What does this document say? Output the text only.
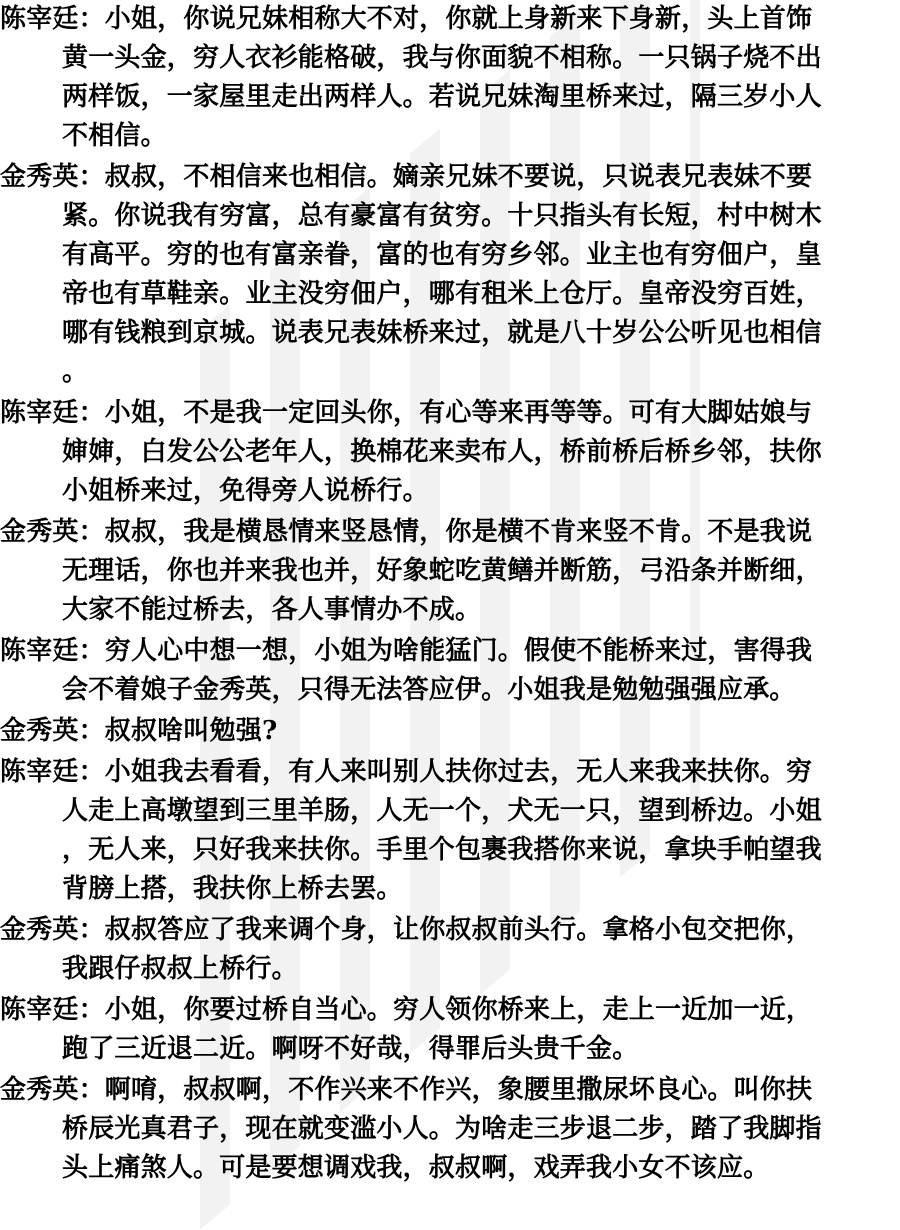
陈宰廷：小姐，你说兄妹相称大不对，你就上身新来下身新，头上首饰
黄一头金，穷人衣衫能格破，我与你面貌不相称。一只锅子烧不出
两样饭，一家屋里走出两样人。若说兄妹淘里桥来过，隔三岁小人
不相信。
金秀英：叔叔，不相信来也相信。嫡亲兄妹不要说，只说表兄表妹不要
紧。你说我有穷富，总有豪富有贫穷。十只指头有长短，村中树木
有高平。穷的也有富亲眷，富的也有穷乡邻。业主也有穷佃户，皇
帝也有草鞋亲。业主没穷佃户，哪有租米上仓厅。皇帝没穷百姓，
哪有钱粮到京城。说表兄表妹桥来过，就是八十岁公公听见也相信
。
陈宰廷：小姐，不是我一定回头你，有心等来再等等。可有大脚姑娘与
婶婶，白发公公老年人，换棉花来卖布人，桥前桥后桥乡邻，扶你
小姐桥来过，免得旁人说桥行。
金秀英：叔叔，我是横恳情来竖恳情，你是横不肯来竖不肯。不是我说
无理话，你也并来我也并，好象蛇吃黄鳝并断筋，弓沿条并断细，
大家不能过桥去，各人事情办不成。
陈宰廷：穷人心中想一想，小姐为啥能猛门。假使不能桥来过，害得我
会不着娘子金秀英，只得无法答应伊。小姐我是勉勉强强应承。
金秀英：叔叔啥叫勉强?
陈宰廷：小姐我去看看，有人来叫别人扶你过去，无人来我来扶你。穷
人走上高墩望到三里羊肠，人无一个，犬无一只，望到桥边。小姐
，无人来，只好我来扶你。手里个包裹我搭你来说，拿块手帕望我
背膀上搭，我扶你上桥去罢。
金秀英：叔叔答应了我来调个身，让你叔叔前头行。拿格小包交把你，
我跟仔叔叔上桥行。
陈宰廷：小姐，你要过桥自当心。穷人领你桥来上，走上一近加一近，
跑了三近退二近。啊呀不好哉，得罪后头贵千金。
金秀英：啊唷，叔叔啊，不作兴来不作兴，象腰里撒尿坏良心。叫你扶
桥辰光真君子，现在就变滥小人。为啥走三步退二步，踏了我脚指
头上痛煞人。可是要想调戏我，叔叔啊，戏弄我小女不该应。
